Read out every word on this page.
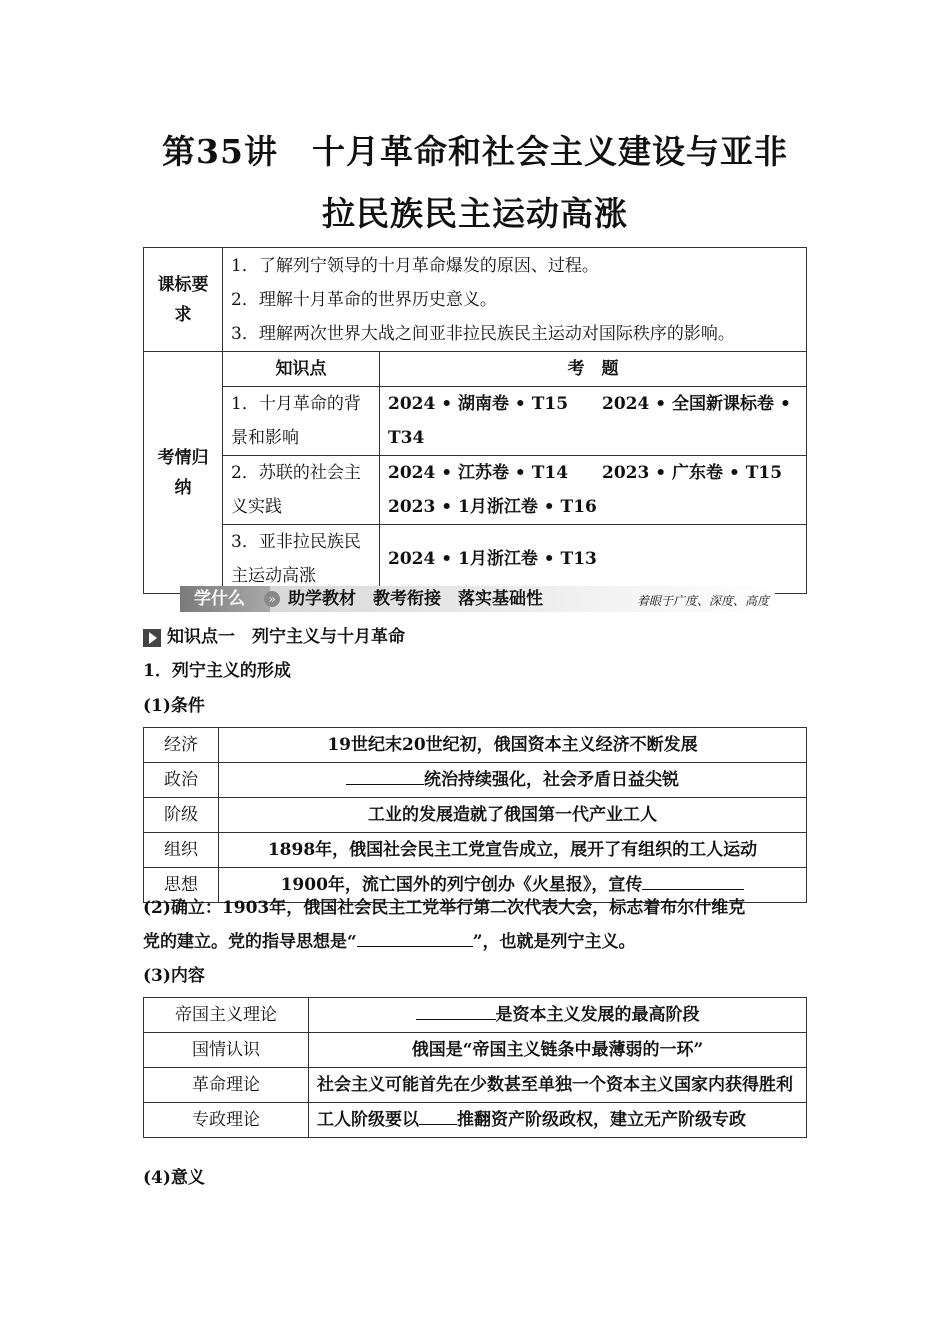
第35讲　十月革命和社会主义建设与亚非
拉民族民主运动高涨
课标要求	1．了解列宁领导的十月革命爆发的原因、过程。
2．理解十月革命的世界历史意义。
3．理解两次世界大战之间亚非拉民族民主运动对国际秩序的影响。	

考情归纳	知识点	考　题
	1．十月革命的背景和影响	2024 • 湖南卷 • T15　　2024 • 全国新课标卷 • T34
	2．苏联的社会主义实践	2024 • 江苏卷 • T14　　2023 • 广东卷 • T15　2023 • 1月浙江卷 • T16
	3．亚非拉民族民主运动高涨	2024 • 1月浙江卷 • T13
学什么	» 助学教材　教考衔接　落实基础性	着眼于广度、深度、高度
知识点一　列宁主义与十月革命
1．列宁主义的形成
(1)条件
经济	19世纪末20世纪初，俄国资本主义经济不断发展
政治	统治持续强化，社会矛盾日益尖锐
阶级	工业的发展造就了俄国第一代产业工人
组织	1898年，俄国社会民主工党宣告成立，展开了有组织的工人运动
思想	1900年，流亡国外的列宁创办《火星报》，宣传
(2)确立：1903年，俄国社会民主工党举行第二次代表大会，标志着布尔什维克
党的建立。党的指导思想是“	”，也就是列宁主义。
(3)内容
帝国主义理论	是资本主义发展的最高阶段
国情认识	俄国是“帝国主义链条中最薄弱的一环”
革命理论	社会主义可能首先在少数甚至单独一个资本主义国家内获得胜利
专政理论	工人阶级要以 推翻资产阶级政权，建立无产阶级专政
(4)意义
